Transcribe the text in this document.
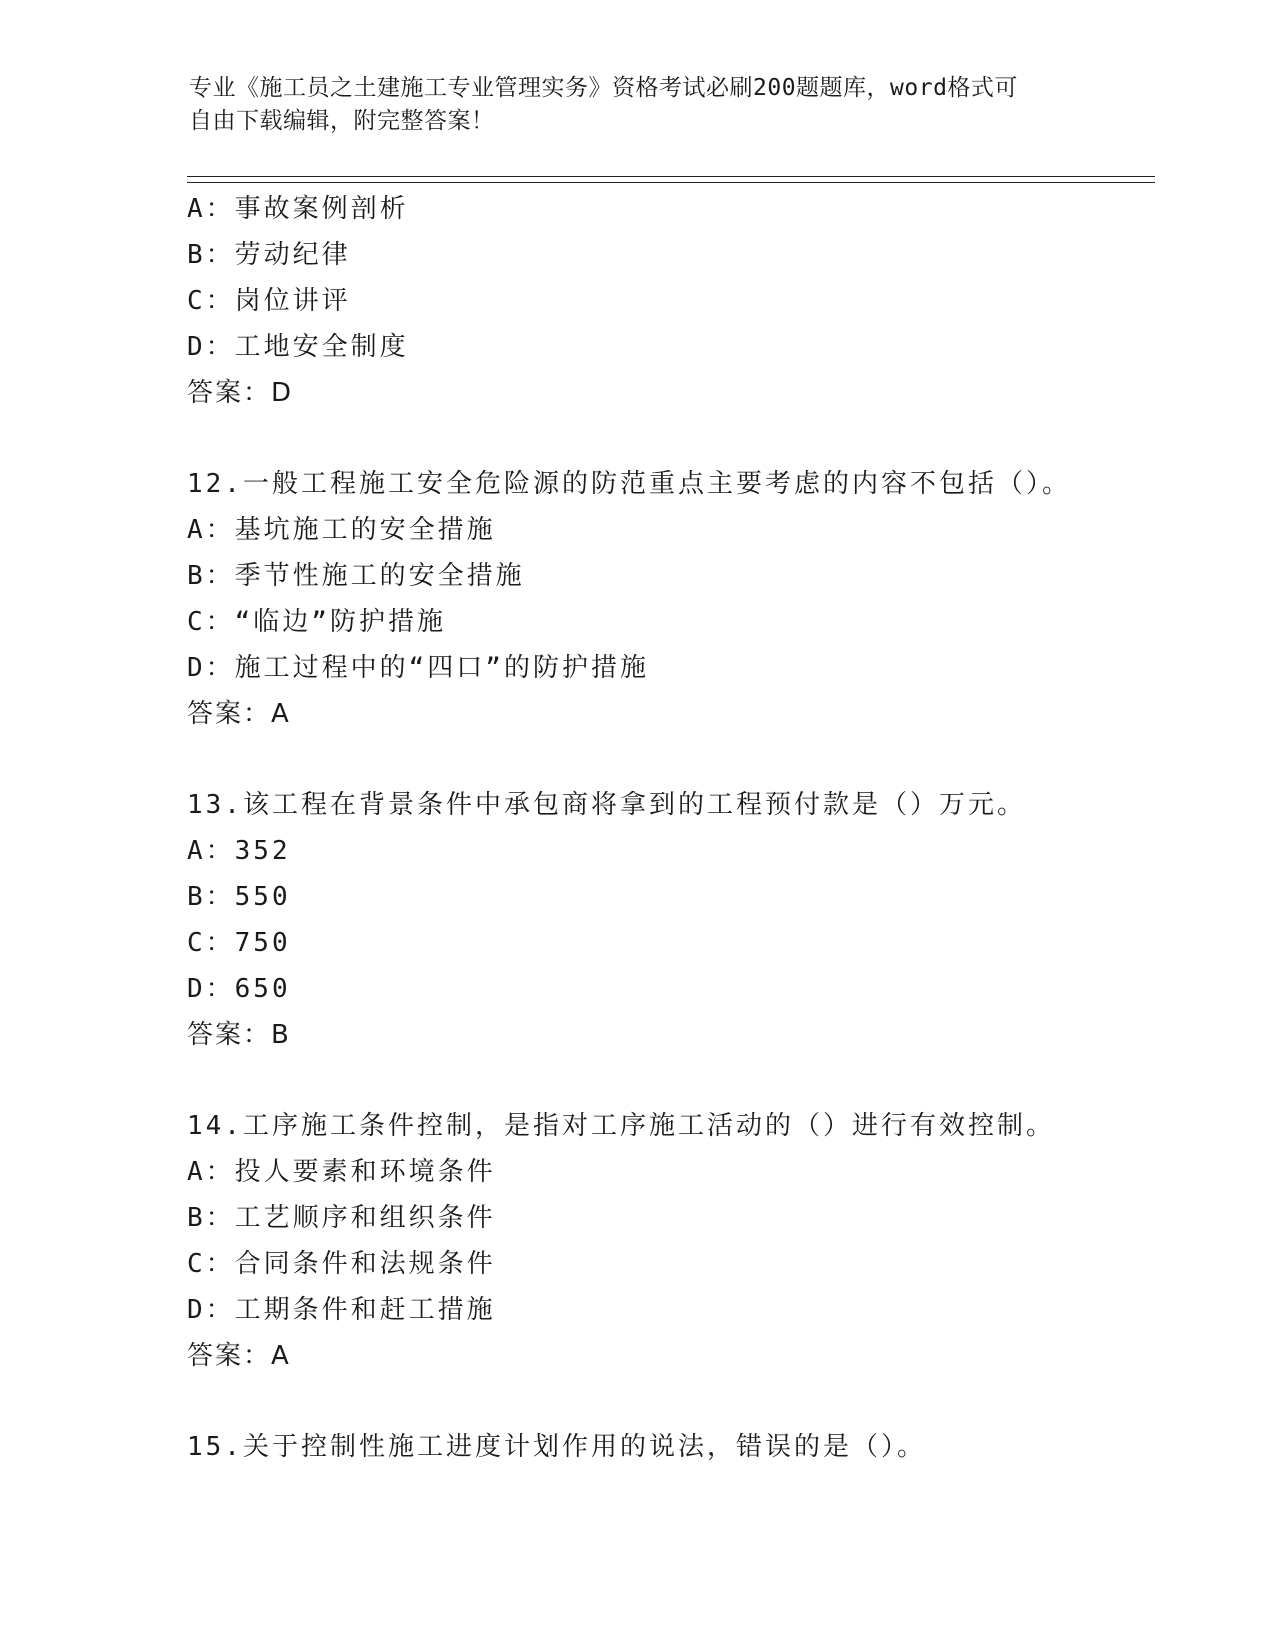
专业《施工员之土建施工专业管理实务》资格考试必刷200题题库，word格式可
自由下载编辑，附完整答案！
A：事故案例剖析
B：劳动纪律
C：岗位讲评
D：工地安全制度
答案：D
12.一般工程施工安全危险源的防范重点主要考虑的内容不包括（）。
A：基坑施工的安全措施
B：季节性施工的安全措施
C：“临边”防护措施
D：施工过程中的“四口”的防护措施
答案：A
13.该工程在背景条件中承包商将拿到的工程预付款是（）万元。
A：352
B：550
C：750
D：650
答案：B
14.工序施工条件控制，是指对工序施工活动的（）进行有效控制。
A：投人要素和环境条件
B：工艺顺序和组织条件
C：合同条件和法规条件
D：工期条件和赶工措施
答案：A
15.关于控制性施工进度计划作用的说法，错误的是（）。
